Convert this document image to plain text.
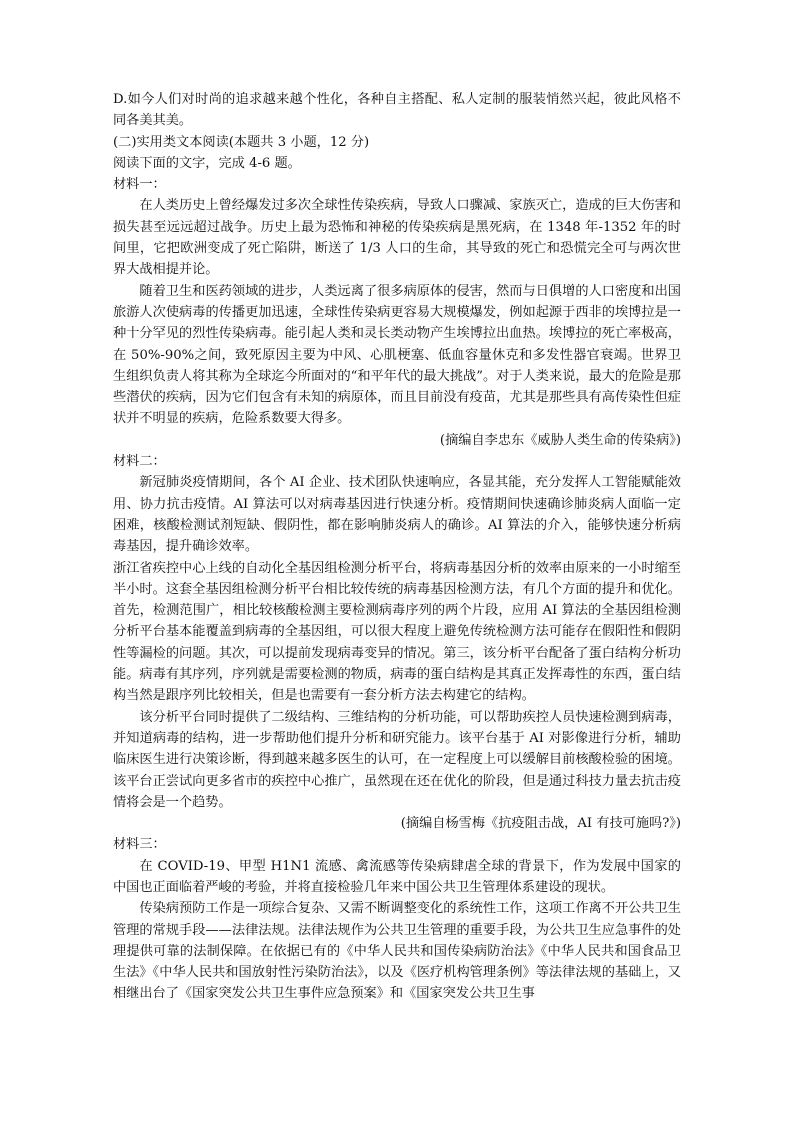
D.如今人们对时尚的追求越来越个性化，各种自主搭配、私人定制的服装悄然兴起，彼此风格不同各美其美。

(二)实用类文本阅读(本题共 3 小题，12 分)

阅读下面的文字，完成 4-6 题。

材料一：

在人类历史上曾经爆发过多次全球性传染疾病，导致人口骤减、家族灭亡，造成的巨大伤害和损失甚至远远超过战争。历史上最为恐怖和神秘的传染疾病是黑死病，在 1348 年-1352 年的时间里，它把欧洲变成了死亡陷阱，断送了 1/3 人口的生命，其导致的死亡和恐慌完全可与两次世界大战相提并论。

随着卫生和医药领域的进步，人类远离了很多病原体的侵害，然而与日俱增的人口密度和出国旅游人次使病毒的传播更加迅速，全球性传染病更容易大规模爆发，例如起源于西非的埃博拉是一种十分罕见的烈性传染病毒。能引起人类和灵长类动物产生埃博拉出血热。埃博拉的死亡率极高，在 50%-90%之间，致死原因主要为中风、心肌梗塞、低血容量休克和多发性器官衰竭。世界卫生组织负责人将其称为全球迄今所面对的“和平年代的最大挑战”。对于人类来说，最大的危险是那些潜伏的疾病，因为它们包含有未知的病原体，而且目前没有疫苗，尤其是那些具有高传染性但症状并不明显的疾病，危险系数要大得多。

(摘编自李忠东《威胁人类生命的传染病》)

材料二：

新冠肺炎疫情期间，各个 AI 企业、技术团队快速响应，各显其能，充分发挥人工智能赋能效用、协力抗击疫情。AI 算法可以对病毒基因进行快速分析。疫情期间快速确诊肺炎病人面临一定困难，核酸检测试剂短缺、假阴性，都在影响肺炎病人的确诊。AI 算法的介入，能够快速分析病毒基因，提升确诊效率。

浙江省疾控中心上线的自动化全基因组检测分析平台，将病毒基因分析的效率由原来的一小时缩至半小时。这套全基因组检测分析平台相比较传统的病毒基因检测方法，有几个方面的提升和优化。首先，检测范围广，相比较核酸检测主要检测病毒序列的两个片段，应用 AI 算法的全基因组检测分析平台基本能覆盖到病毒的全基因组，可以很大程度上避免传统检测方法可能存在假阳性和假阴性等漏检的问题。其次，可以提前发现病毒变异的情况。第三，该分析平台配备了蛋白结构分析功能。病毒有其序列，序列就是需要检测的物质，病毒的蛋白结构是其真正发挥毒性的东西，蛋白结构当然是跟序列比较相关，但是也需要有一套分析方法去构建它的结构。

该分析平台同时提供了二级结构、三维结构的分析功能，可以帮助疾控人员快速检测到病毒，并知道病毒的结构，进一步帮助他们提升分析和研究能力。该平台基于 AI 对影像进行分析，辅助临床医生进行决策诊断，得到越来越多医生的认可，在一定程度上可以缓解目前核酸检验的困境。该平台正尝试向更多省市的疾控中心推广，虽然现在还在优化的阶段，但是通过科技力量去抗击疫情将会是一个趋势。

(摘编自杨雪梅《抗疫阻击战，AI 有技可施吗?》)

材料三：

在 COVID-19、甲型 H1N1 流感、禽流感等传染病肆虐全球的背景下，作为发展中国家的中国也正面临着严峻的考验，并将直接检验几年来中国公共卫生管理体系建设的现状。

传染病预防工作是一项综合复杂、又需不断调整变化的系统性工作，这项工作离不开公共卫生管理的常规手段——法律法规。法律法规作为公共卫生管理的重要手段，为公共卫生应急事件的处理提供可靠的法制保障。在依据已有的《中华人民共和国传染病防治法》《中华人民共和国食品卫生法》《中华人民共和国放射性污染防治法》，以及《医疗机构管理条例》等法律法规的基础上，又相继出台了《国家突发公共卫生事件应急预案》和《国家突发公共卫生事
